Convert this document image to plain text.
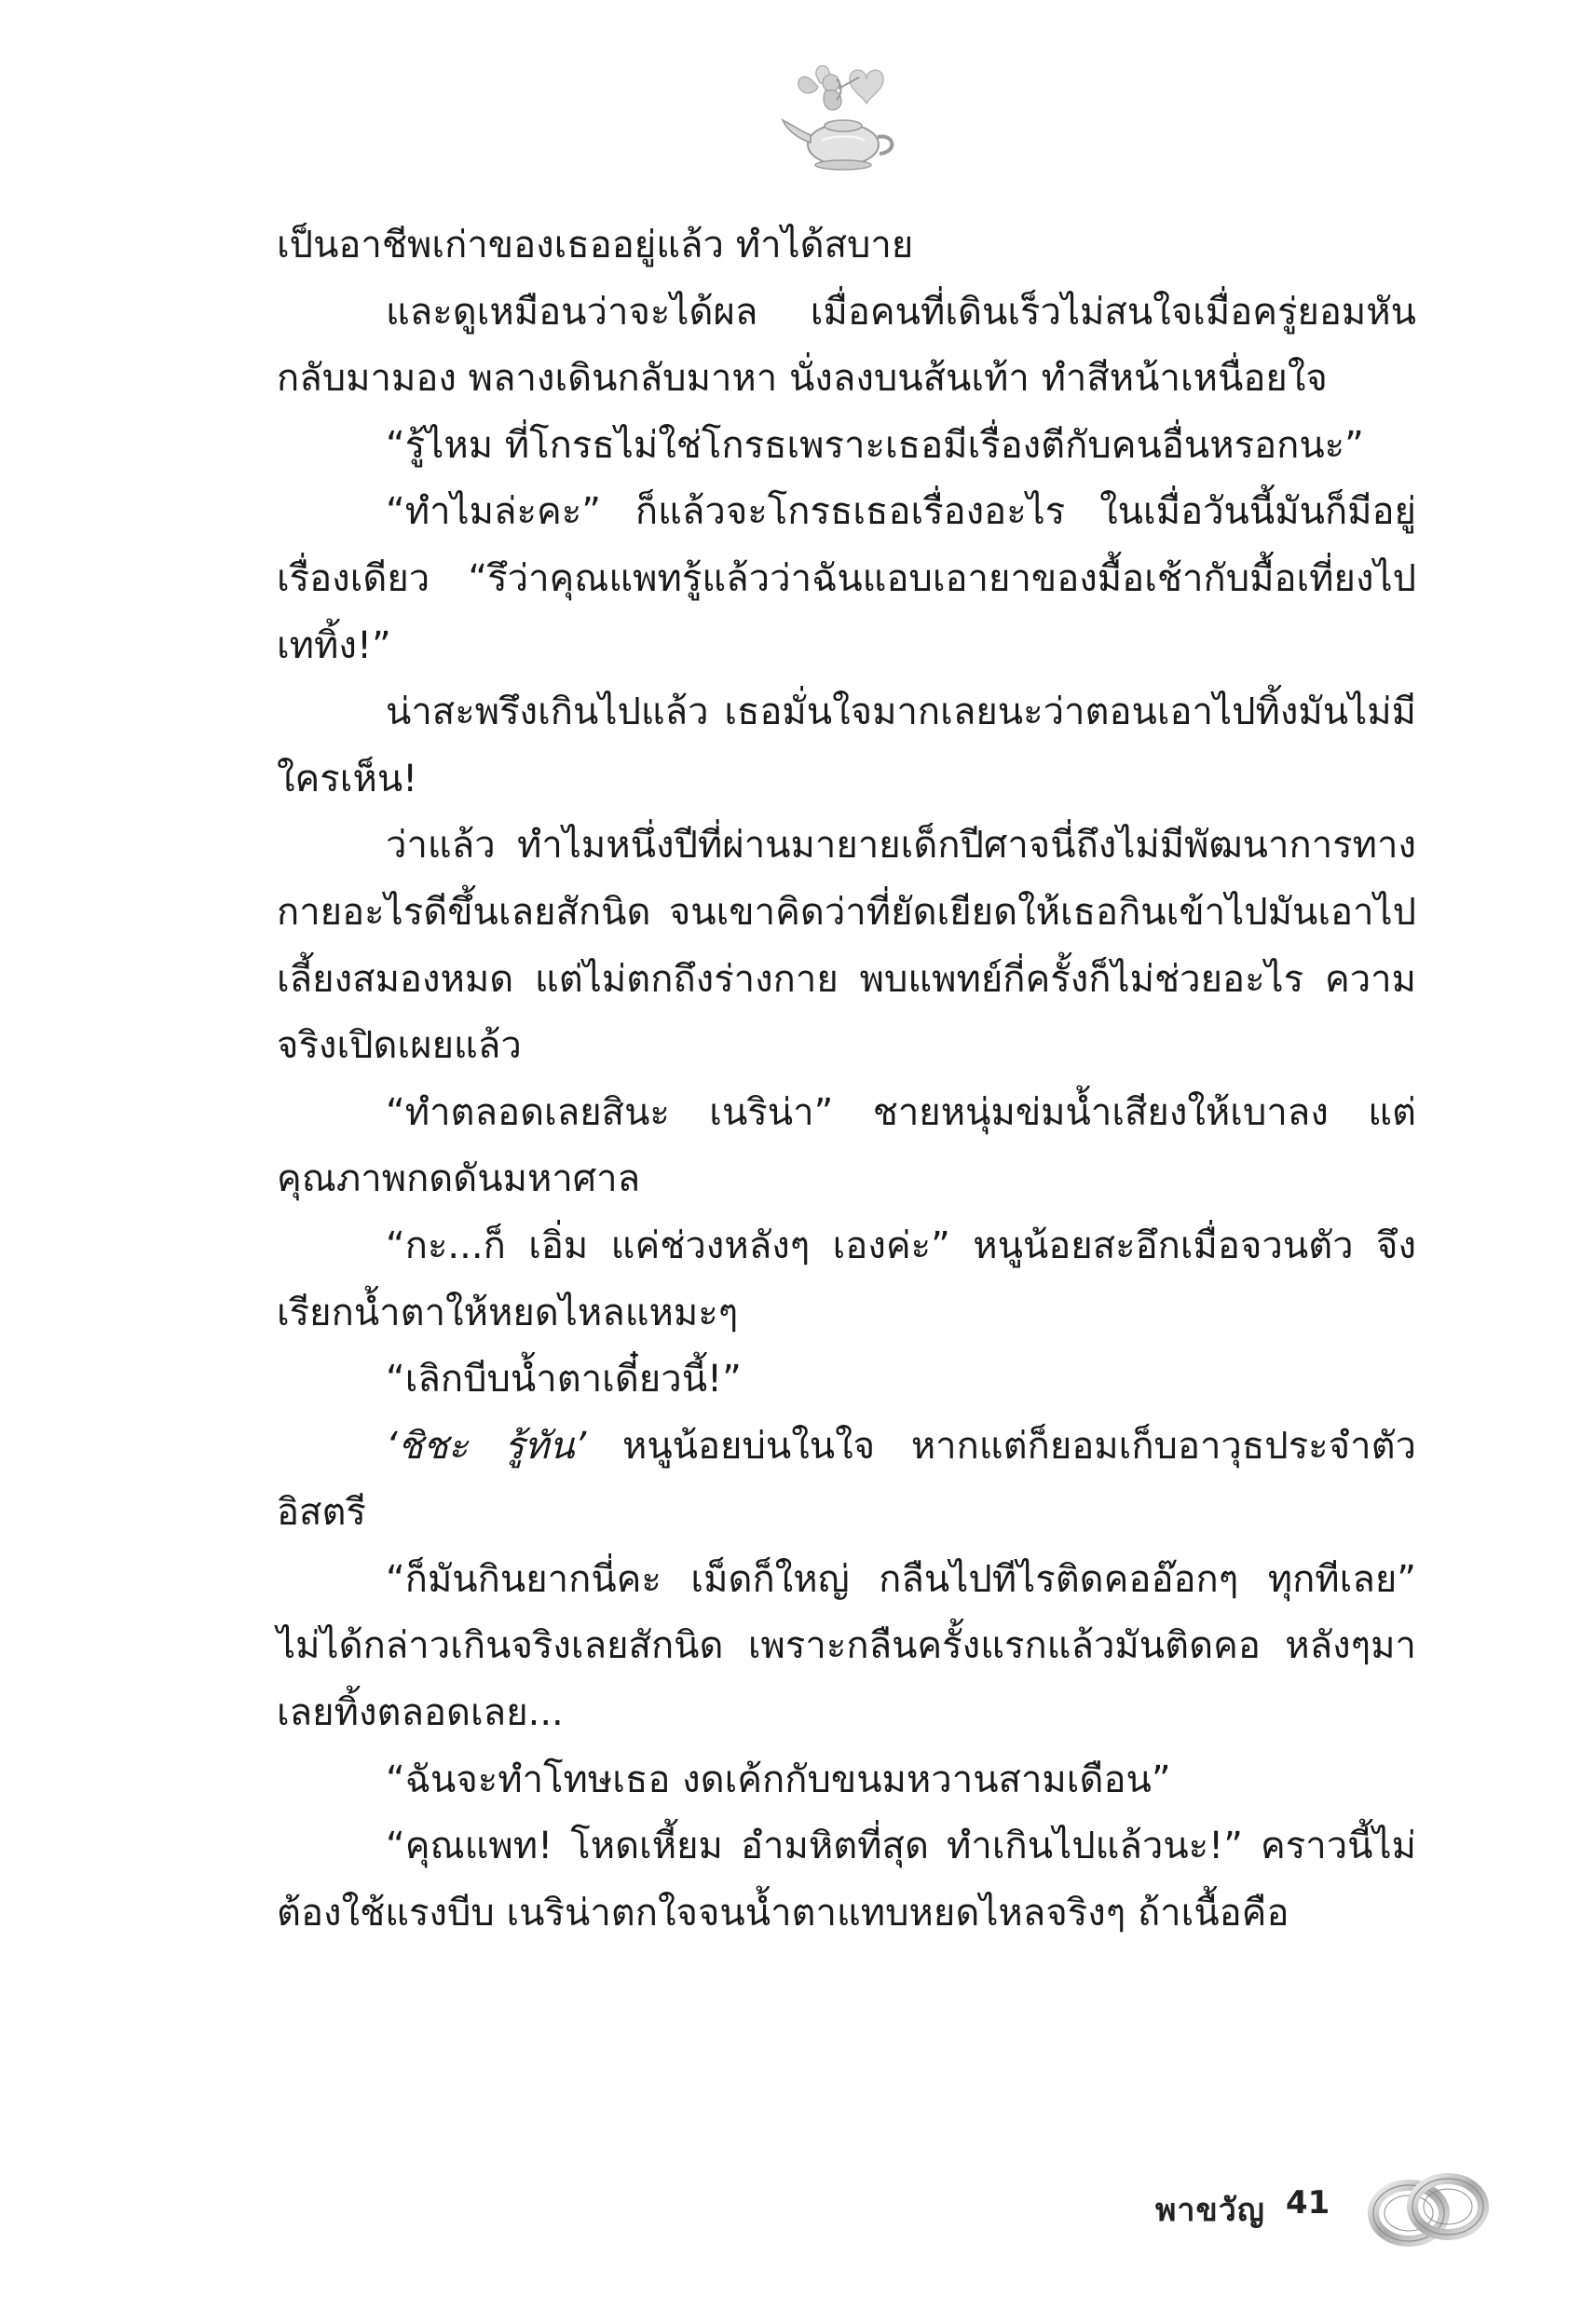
เป็นอาชีพเก่าของเธออยู่แล้ว ทำได้สบาย

และดูเหมือนว่าจะได้ผล เมื่อคนที่เดินเร็วไม่สนใจเมื่อครู่ยอมหันกลับมามอง พลางเดินกลับมาหา นั่งลงบนส้นเท้า ทำสีหน้าเหนื่อยใจ

“รู้ไหม ที่โกรธไม่ใช่โกรธเพราะเธอมีเรื่องตีกับคนอื่นหรอกนะ”

“ทำไมล่ะคะ” ก็แล้วจะโกรธเธอเรื่องอะไร ในเมื่อวันนี้มันก็มีอยู่เรื่องเดียว “รึว่าคุณแพทรู้แล้วว่าฉันแอบเอายาของมื้อเช้ากับมื้อเที่ยงไปเททิ้ง!”

น่าสะพรึงเกินไปแล้ว เธอมั่นใจมากเลยนะว่าตอนเอาไปทิ้งมันไม่มีใครเห็น!

ว่าแล้ว ทำไมหนึ่งปีที่ผ่านมายายเด็กปีศาจนี่ถึงไม่มีพัฒนาการทางกายอะไรดีขึ้นเลยสักนิด จนเขาคิดว่าที่ยัดเยียดให้เธอกินเข้าไปมันเอาไปเลี้ยงสมองหมด แต่ไม่ตกถึงร่างกาย พบแพทย์กี่ครั้งก็ไม่ช่วยอะไร ความจริงเปิดเผยแล้ว

“ทำตลอดเลยสินะ เนริน่า” ชายหนุ่มข่มน้ำเสียงให้เบาลง แต่คุณภาพกดดันมหาศาล

“กะ...ก็ เอิ่ม แค่ช่วงหลังๆ เองค่ะ” หนูน้อยสะอึกเมื่อจวนตัว จึงเรียกน้ำตาให้หยดไหลแหมะๆ

“เลิกบีบน้ำตาเดี๋ยวนี้!”

‘ชิชะ รู้ทัน’ หนูน้อยบ่นในใจ หากแต่ก็ยอมเก็บอาวุธประจำตัวอิสตรี

“ก็มันกินยากนี่คะ เม็ดก็ใหญ่ กลืนไปทีไรติดคออ๊อกๆ ทุกทีเลย” ไม่ได้กล่าวเกินจริงเลยสักนิด เพราะกลืนครั้งแรกแล้วมันติดคอ หลังๆมาเลยทิ้งตลอดเลย...

“ฉันจะทำโทษเธอ งดเค้กกับขนมหวานสามเดือน”

“คุณแพท! โหดเหี้ยม อำมหิตที่สุด ทำเกินไปแล้วนะ!” คราวนี้ไม่ต้องใช้แรงบีบ เนริน่าตกใจจนน้ำตาแทบหยดไหลจริงๆ ถ้าเนื้อคือ

พาขวัญ 41
